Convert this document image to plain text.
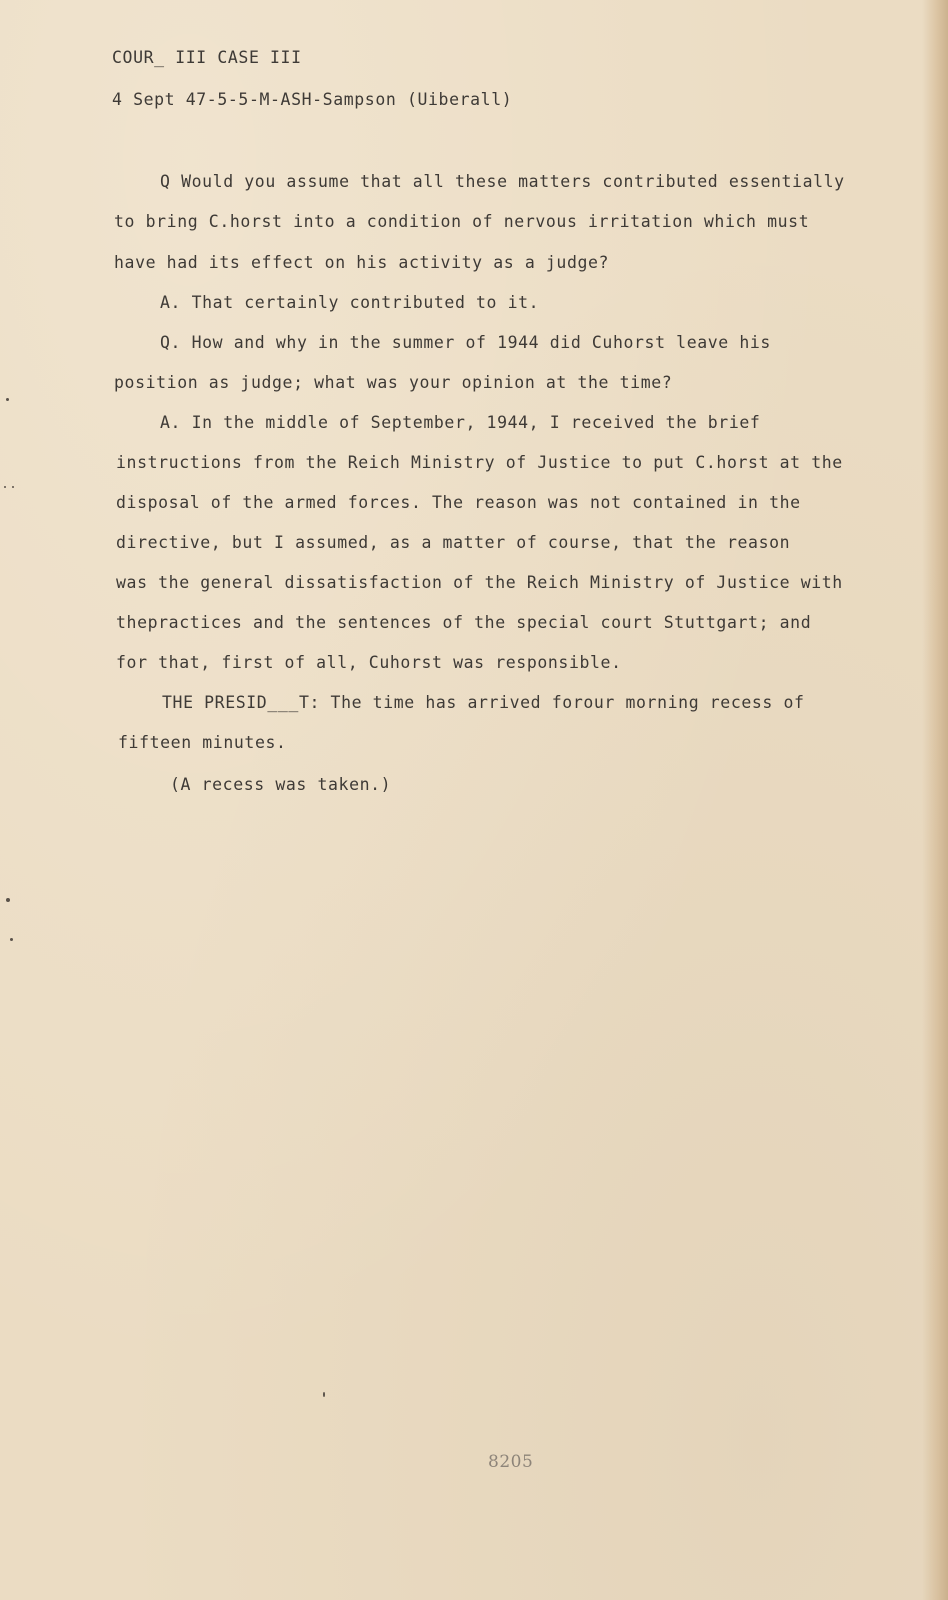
COUR_ III CASE III
4 Sept 47-5-5-M-ASH-Sampson (Uiberall)
Q Would you assume that all these matters contributed essentially
to bring C.horst into a condition of nervous irritation which must
have had its effect on his activity as a judge?
A. That certainly contributed to it.
Q. How and why in the summer of 1944 did Cuhorst leave his
position as judge; what was your opinion at the time?
A. In the middle of September, 1944, I received the brief
instructions from the Reich Ministry of Justice to put C.horst at the
disposal of the armed forces. The reason was not contained in the
directive, but I assumed, as a matter of course, that the reason
was the general dissatisfaction of the Reich Ministry of Justice with
thepractices and the sentences of the special court Stuttgart; and
for that, first of all, Cuhorst was responsible.
THE PRESID___T: The time has arrived forour morning recess of
fifteen minutes.
(A recess was taken.)
8205
